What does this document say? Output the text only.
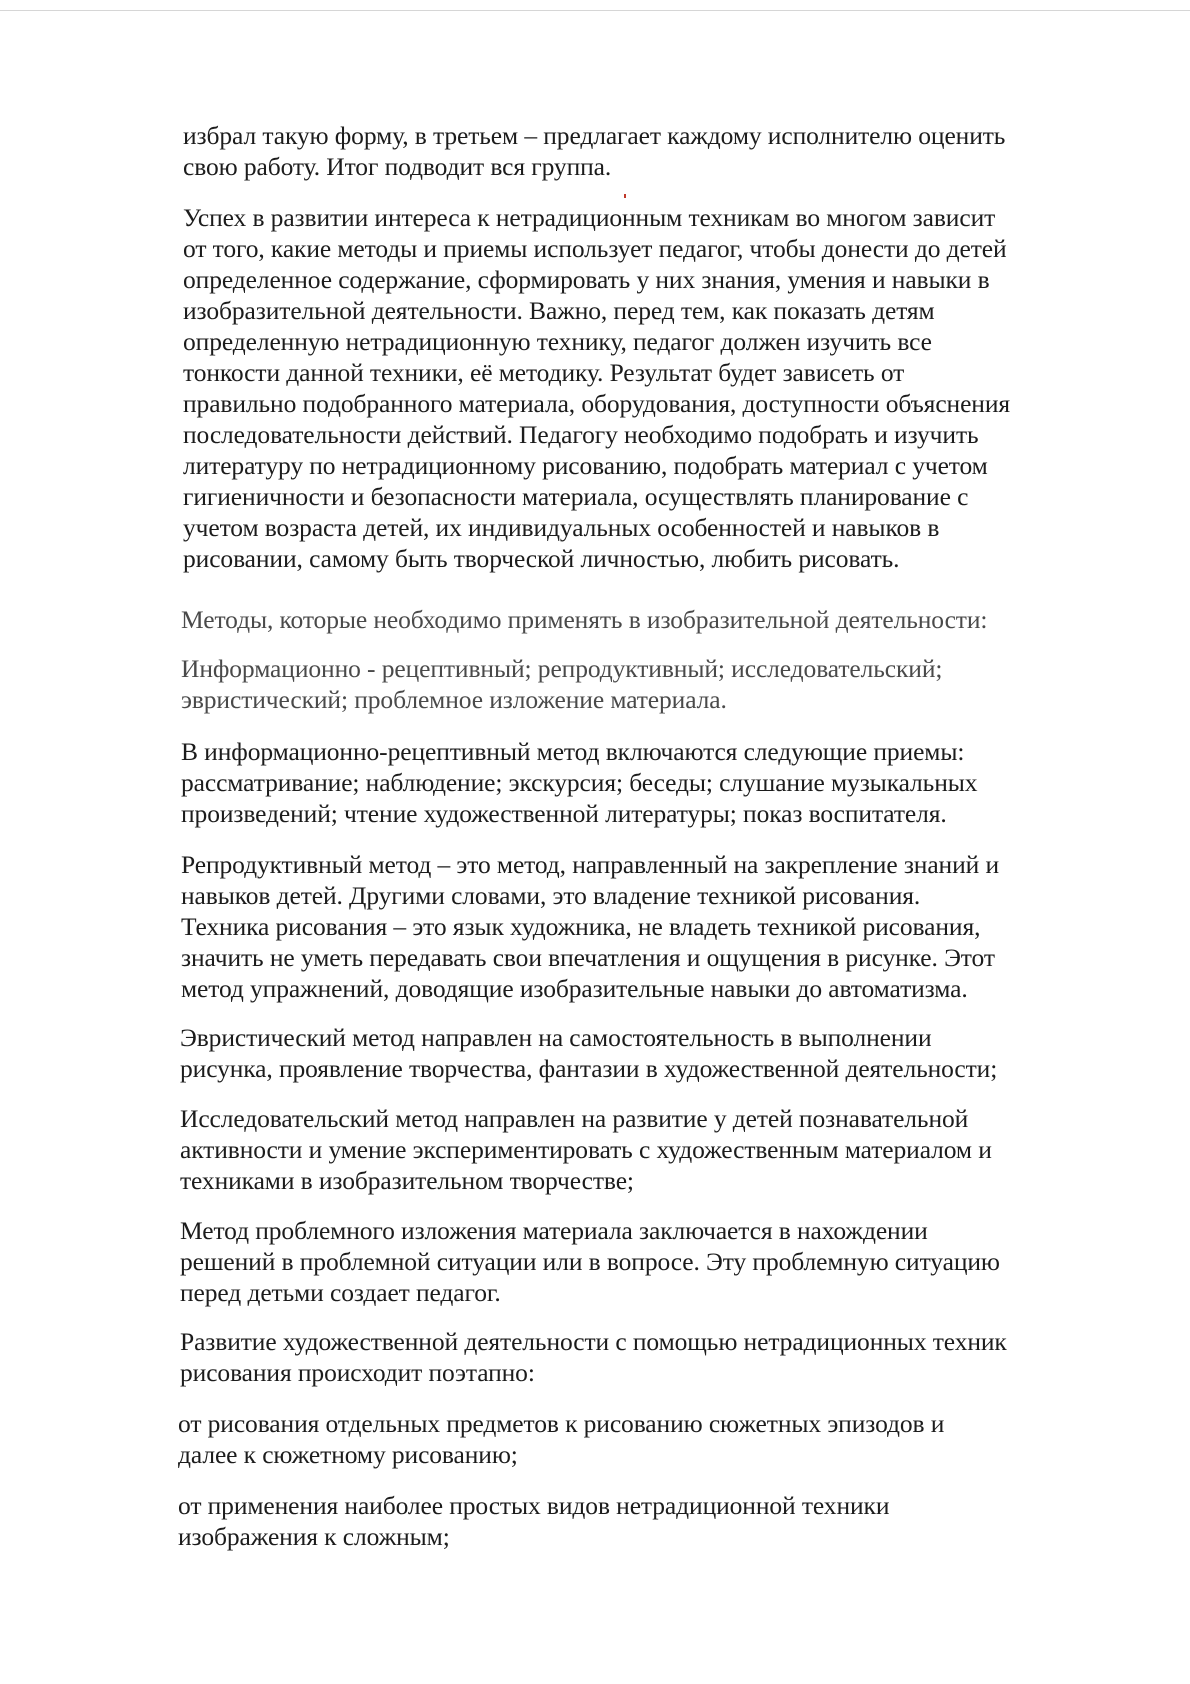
избрал такую форму, в третьем – предлагает каждому исполнителю оценить
свою работу. Итог подводит вся группа.
Успех в развитии интереса к нетрадиционным техникам во многом зависит
от того, какие методы и приемы использует педагог, чтобы донести до детей
определенное содержание, сформировать у них знания, умения и навыки в
изобразительной деятельности. Важно, перед тем, как показать детям
определенную нетрадиционную технику, педагог должен изучить все
тонкости данной техники, её методику. Результат будет зависеть от
правильно подобранного материала, оборудования, доступности объяснения
последовательности действий. Педагогу необходимо подобрать и изучить
литературу по нетрадиционному рисованию, подобрать материал с учетом
гигиеничности и безопасности материала, осуществлять планирование с
учетом возраста детей, их индивидуальных особенностей и навыков в
рисовании, самому быть творческой личностью, любить рисовать.
Методы, которые необходимо применять в изобразительной деятельности:
Информационно - рецептивный; репродуктивный; исследовательский;
эвристический; проблемное изложение материала.
В информационно-рецептивный метод включаются следующие приемы:
рассматривание; наблюдение; экскурсия; беседы; слушание музыкальных
произведений; чтение художественной литературы; показ воспитателя.
Репродуктивный метод – это метод, направленный на закрепление знаний и
навыков детей. Другими словами, это владение техникой рисования.
Техника рисования – это язык художника, не владеть техникой рисования,
значить не уметь передавать свои впечатления и ощущения в рисунке. Этот
метод упражнений, доводящие изобразительные навыки до автоматизма.
Эвристический метод направлен на самостоятельность в выполнении
рисунка, проявление творчества, фантазии в художественной деятельности;
Исследовательский метод направлен на развитие у детей познавательной
активности и умение экспериментировать с художественным материалом и
техниками в изобразительном творчестве;
Метод проблемного изложения материала заключается в нахождении
решений в проблемной ситуации или в вопросе. Эту проблемную ситуацию
перед детьми создает педагог.
Развитие художественной деятельности с помощью нетрадиционных техник
рисования происходит поэтапно:
от рисования отдельных предметов к рисованию сюжетных эпизодов и
далее к сюжетному рисованию;
от применения наиболее простых видов нетрадиционной техники
изображения к сложным;
